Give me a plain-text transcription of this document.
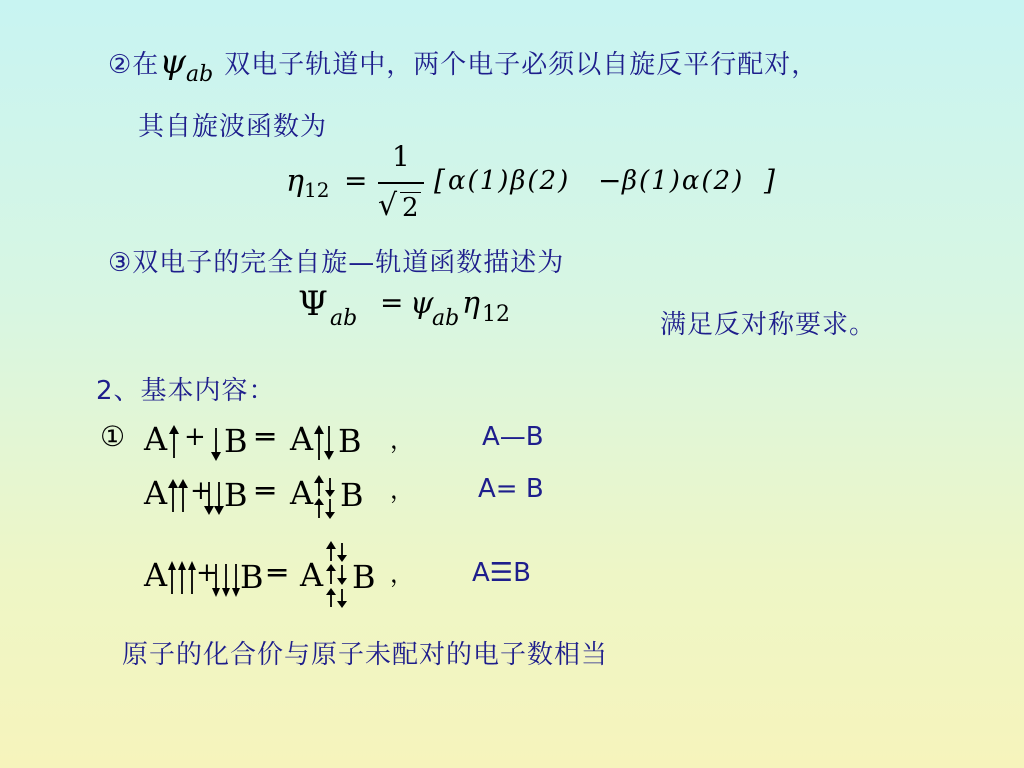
②在ψab 双电子轨道中，两个电子必须以自旋反平行配对，
其自旋波函数为
η 12 =
1
√ 2
[ α(1)β(2) − β(1)α(2) ]
③双电子的完全自旋—轨道函数描述为
Ψ ab = ψ
ab η 12	满足反对称要求。
2、基本内容：
① A + B ═ A B ，	A—B
A + B ═ A B ， A= B
A + B ═ A B ， A☰B
原子的化合价与原子未配对的电子数相当
